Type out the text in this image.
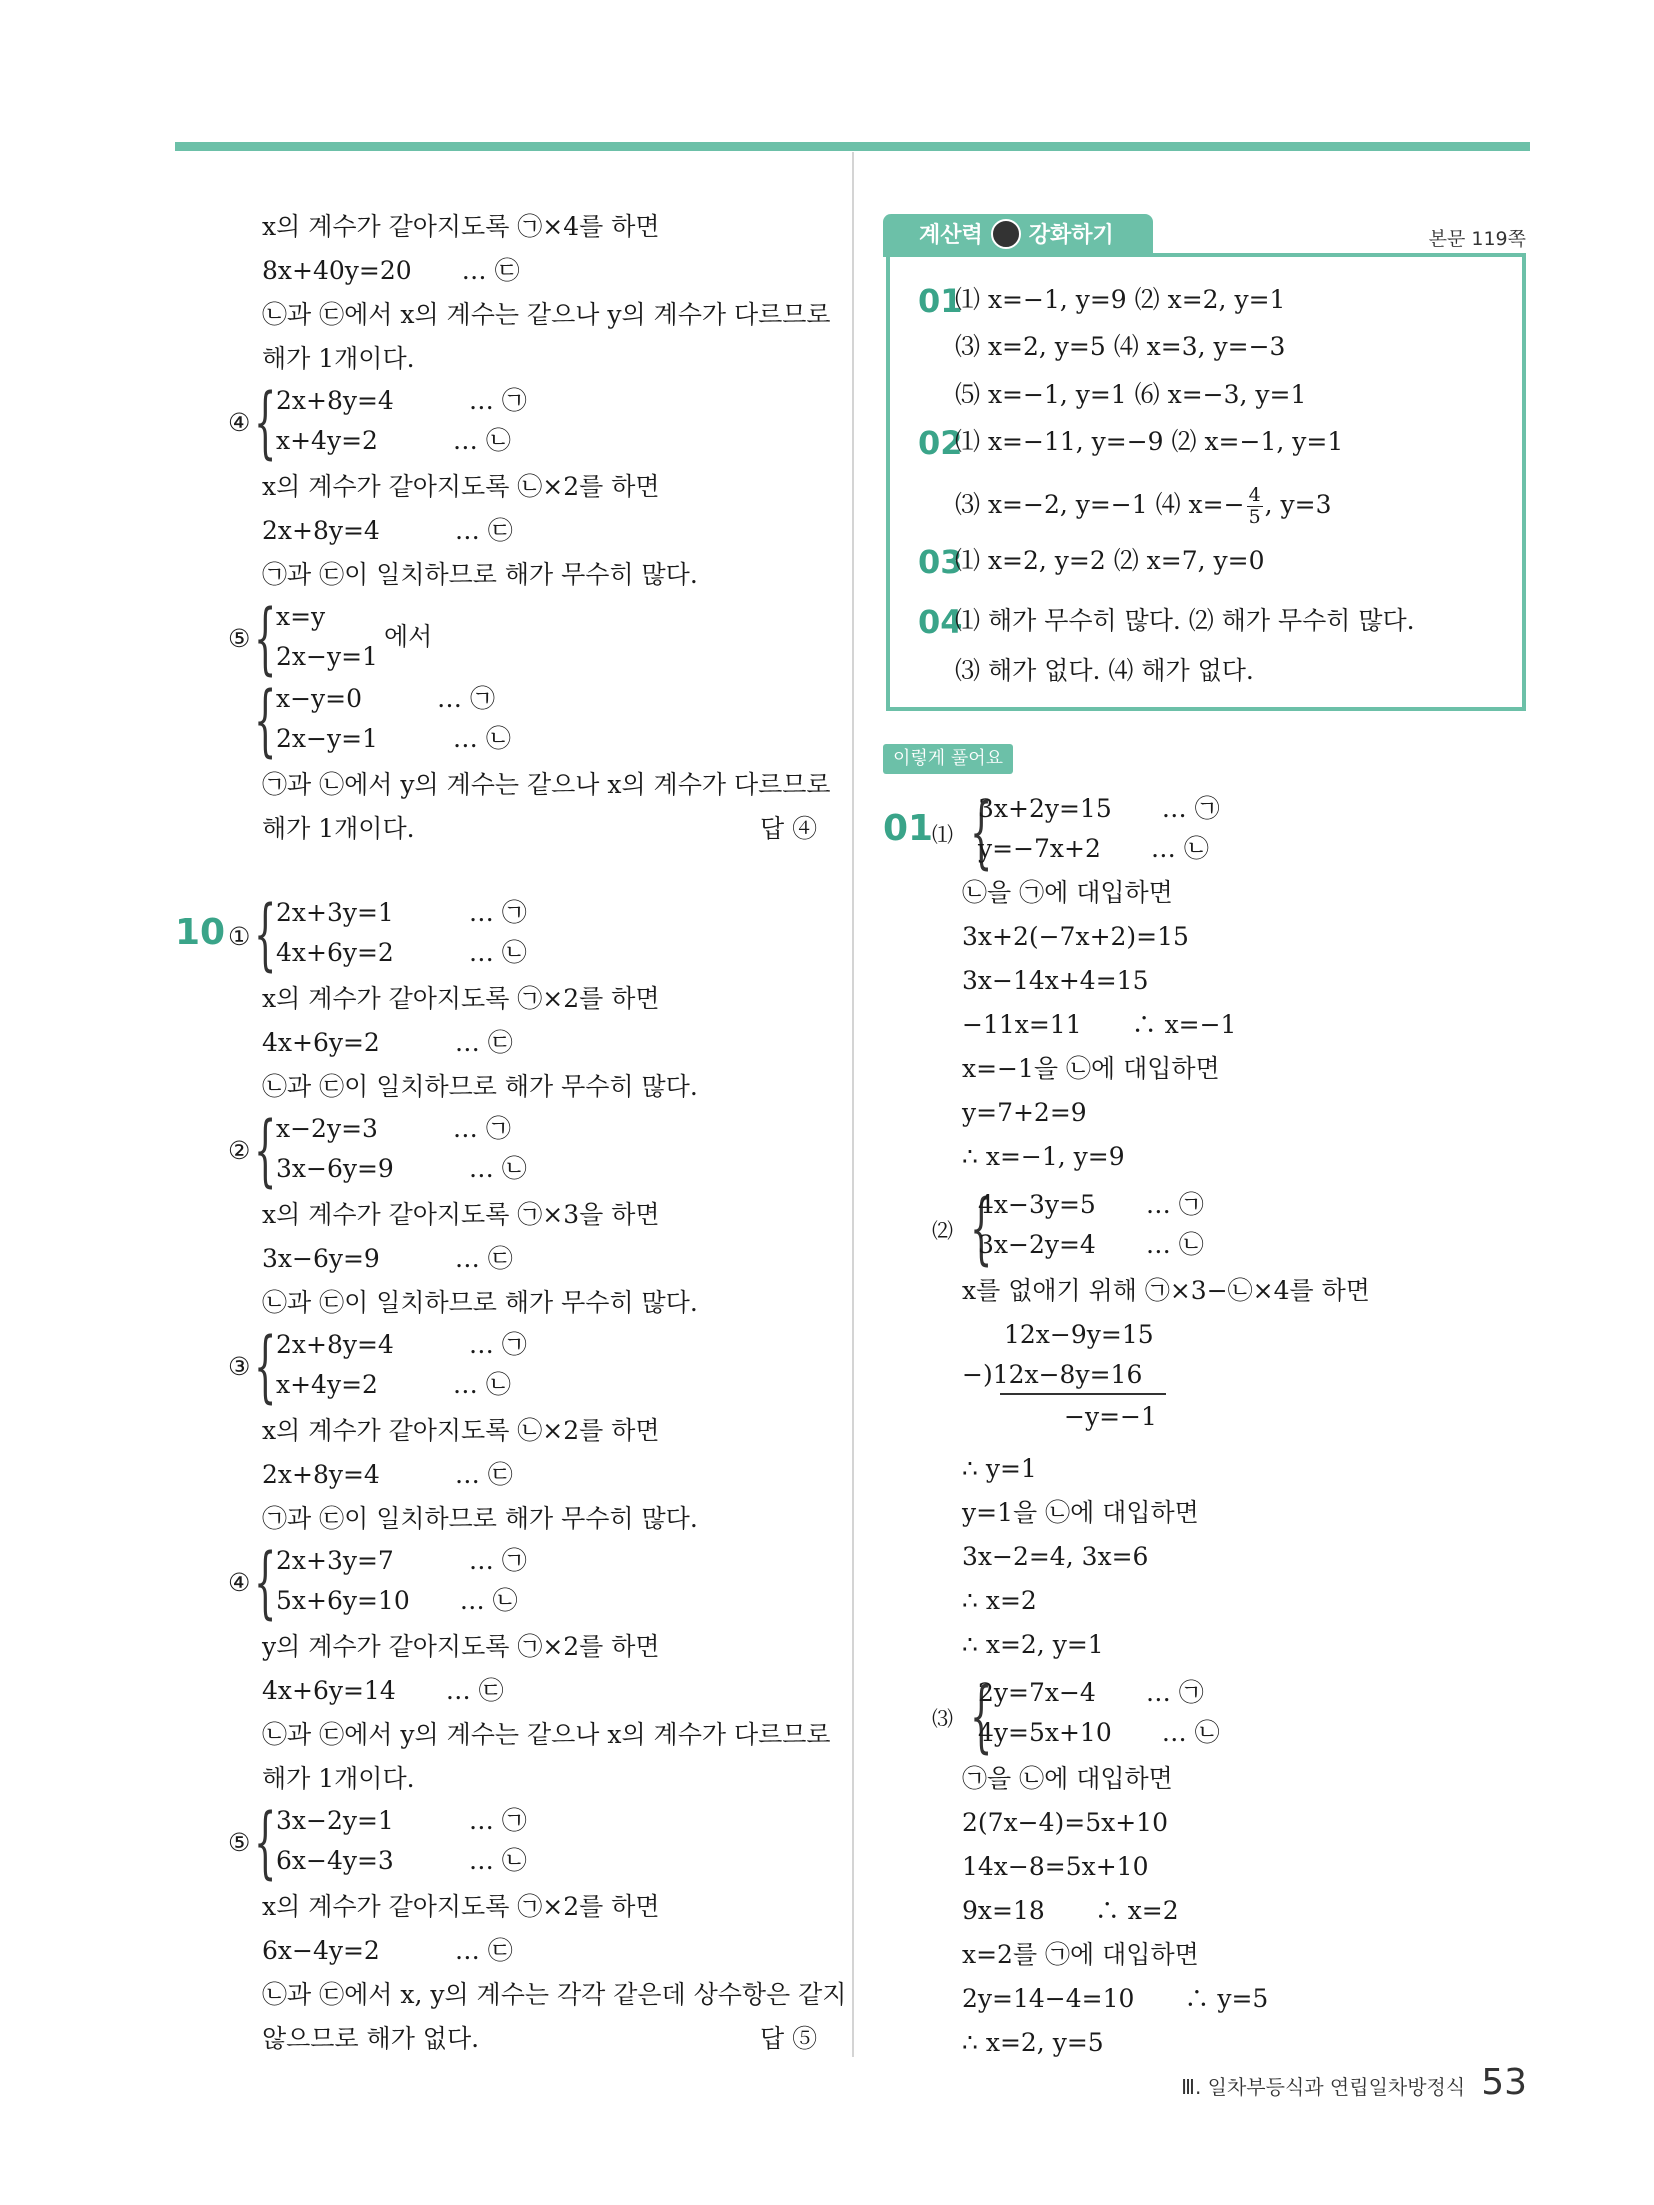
x의 계수가 같아지도록 ㉠×4를 하면
8x+40y=20　　… ㉢
㉡과 ㉢에서 x의 계수는 같으나 y의 계수가 다르므로
해가 1개이다.
④ { 2x+8y=4　　　… ㉠
x+4y=2　　　… ㉡
x의 계수가 같아지도록 ㉡×2를 하면
2x+8y=4　　　… ㉢
㉠과 ㉢이 일치하므로 해가 무수히 많다.
⑤ { x=y
2x−y=1
에서
{ x−y=0　　　… ㉠
2x−y=1　　　… ㉡
㉠과 ㉡에서 y의 계수는 같으나 x의 계수가 다르므로
해가 1개이다.	답 ④
10 ① { 2x+3y=1　　　… ㉠
4x+6y=2　　　… ㉡
x의 계수가 같아지도록 ㉠×2를 하면
4x+6y=2　　　… ㉢
㉡과 ㉢이 일치하므로 해가 무수히 많다.
② { x−2y=3　　　… ㉠
3x−6y=9　　　… ㉡
x의 계수가 같아지도록 ㉠×3을 하면
3x−6y=9　　　… ㉢
㉡과 ㉢이 일치하므로 해가 무수히 많다.
③ { 2x+8y=4　　　… ㉠
x+4y=2　　　… ㉡
x의 계수가 같아지도록 ㉡×2를 하면
2x+8y=4　　　… ㉢
㉠과 ㉢이 일치하므로 해가 무수히 많다.
④ { 2x+3y=7　　　… ㉠
5x+6y=10　　… ㉡
y의 계수가 같아지도록 ㉠×2를 하면
4x+6y=14　　… ㉢
㉡과 ㉢에서 y의 계수는 같으나 x의 계수가 다르므로
해가 1개이다.
⑤ { 3x−2y=1　　　… ㉠
6x−4y=3　　　… ㉡
x의 계수가 같아지도록 ㉠×2를 하면
6x−4y=2　　　… ㉢
㉡과 ㉢에서 x, y의 계수는 각각 같은데 상수항은 같지
않으므로 해가 없다.	답 ⑤
계산력 강화하기	본문 119쪽
01
⑴ x=−1, y=9 ⑵ x=2, y=1
⑶ x=2, y=5 ⑷ x=3, y=−3
⑸ x=−1, y=1 ⑹ x=−3, y=1
02
⑴ x=−11, y=−9 ⑵ x=−1, y=1
⑶ x=−2, y=−1 ⑷ $x=- \frac{4}{5}$ , y=3
03
⑴ x=2, y=2 ⑵ x=7, y=0
04
⑴ 해가 무수히 많다. ⑵ 해가 무수히 많다.
⑶ 해가 없다. ⑷ 해가 없다.
이렇게 풀어요
01
⑴ {
3x+2y=15　　… ㉠
y=−7x+2　　… ㉡
㉡을 ㉠에 대입하면
3x+2(−7x+2)=15
3x−14x+4=15
−11x=11　　∴ x=−1
x=−1을 ㉡에 대입하면
y=7+2=9
∴ x=−1, y=9
⑵ {
4x−3y=5　　… ㉠
3x−2y=4　　… ㉡
x를 없애기 위해 ㉠×3−㉡×4를 하면
12x−9y=15
−)12x−8y=16
−y=−1
∴ y=1
y=1을 ㉡에 대입하면
3x−2=4, 3x=6
∴ x=2
∴ x=2, y=1
⑶ {
2y=7x−4　　… ㉠
4y=5x+10　　… ㉡
㉠을 ㉡에 대입하면
2(7x−4)=5x+10
14x−8=5x+10
9x=18　　∴ x=2
x=2를 ㉠에 대입하면
2y=14−4=10　　∴ y=5
∴ x=2, y=5
Ⅲ. 일차부등식과 연립일차방정식 53
